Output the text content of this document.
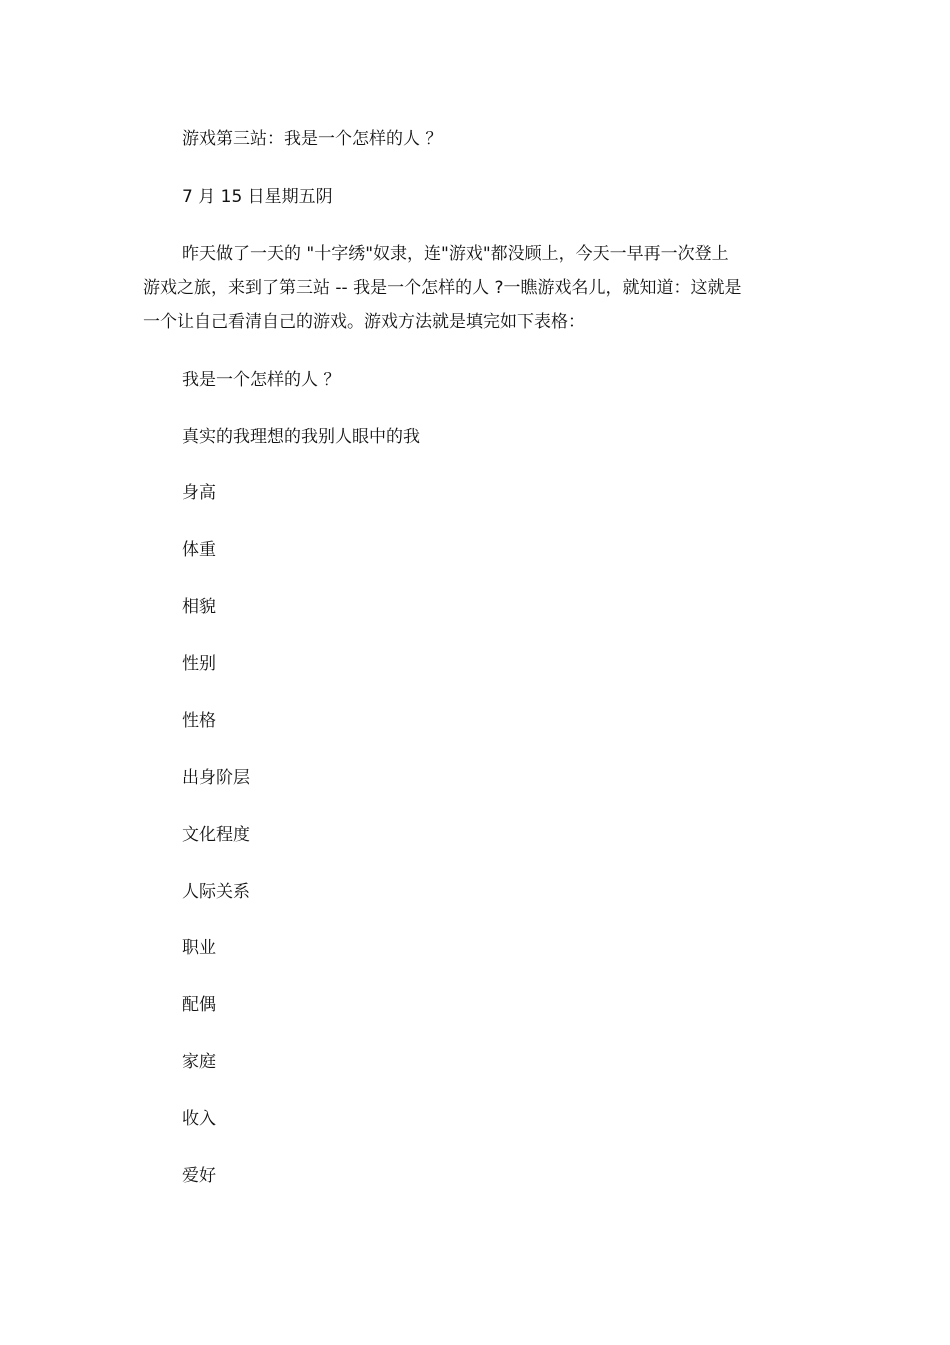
游戏第三站：我是一个怎样的人 ？
7 月 15 日星期五阴
昨天做了一天的 "十字绣"奴隶，连"游戏"都没顾上，今天一早再一次登上
游戏之旅，来到了第三站 -- 我是一个怎样的人 ?一瞧游戏名儿，就知道：这就是
一个让自己看清自己的游戏。游戏方法就是填完如下表格：
我是一个怎样的人 ？
真实的我理想的我别人眼中的我
身高
体重
相貌
性别
性格
出身阶层
文化程度
人际关系
职业
配偶
家庭
收入
爱好
